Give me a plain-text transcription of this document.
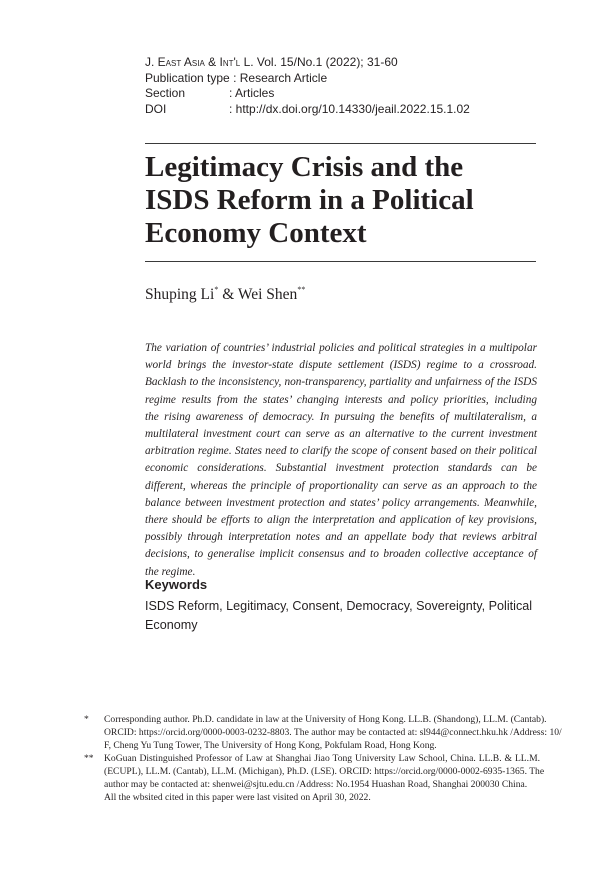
J. East Asia & Int'l L. Vol. 15/No.1 (2022); 31-60
Publication type : Research Article
Section	: Articles
DOI	: http://dx.doi.org/10.14330/jeail.2022.15.1.02
Legitimacy Crisis and the
ISDS Reform in a Political
Economy Context
Shuping Li* & Wei Shen**
The variation of countries’ industrial policies and political strategies in a multipolar
world brings the investor-state dispute settlement (ISDS) regime to a crossroad.
Backlash to the inconsistency, non-transparency, partiality and unfairness of the ISDS
regime results from the states’ changing interests and policy priorities, including
the rising awareness of democracy. In pursuing the benefits of multilateralism, a
multilateral investment court can serve as an alternative to the current investment
arbitration regime. States need to clarify the scope of consent based on their political
economic considerations. Substantial investment protection standards can be
different, whereas the principle of proportionality can serve as an approach to the
balance between investment protection and states’ policy arrangements. Meanwhile,
there should be efforts to align the interpretation and application of key provisions,
possibly through interpretation notes and an appellate body that reviews arbitral
decisions, to generalise implicit consensus and to broaden collective acceptance of
the regime.
Keywords
ISDS Reform, Legitimacy, Consent, Democracy, Sovereignty, Political
Economy
* Corresponding author. Ph.D. candidate in law at the University of Hong Kong. LL.B. (Shandong), LL.M. (Cantab).
ORCID: https://orcid.org/0000-0003-0232-8803. The author may be contacted at: sl944@connect.hku.hk /Address: 10/
F, Cheng Yu Tung Tower, The University of Hong Kong, Pokfulam Road, Hong Kong.
** KoGuan Distinguished Professor of Law at Shanghai Jiao Tong University Law School, China. LL.B. & LL.M.
(ECUPL), LL.M. (Cantab), LL.M. (Michigan), Ph.D. (LSE). ORCID: https://orcid.org/0000-0002-6935-1365. The
author may be contacted at: shenwei@sjtu.edu.cn /Address: No.1954 Huashan Road, Shanghai 200030 China.
All the wbsited cited in this paper were last visited on April 30, 2022.
